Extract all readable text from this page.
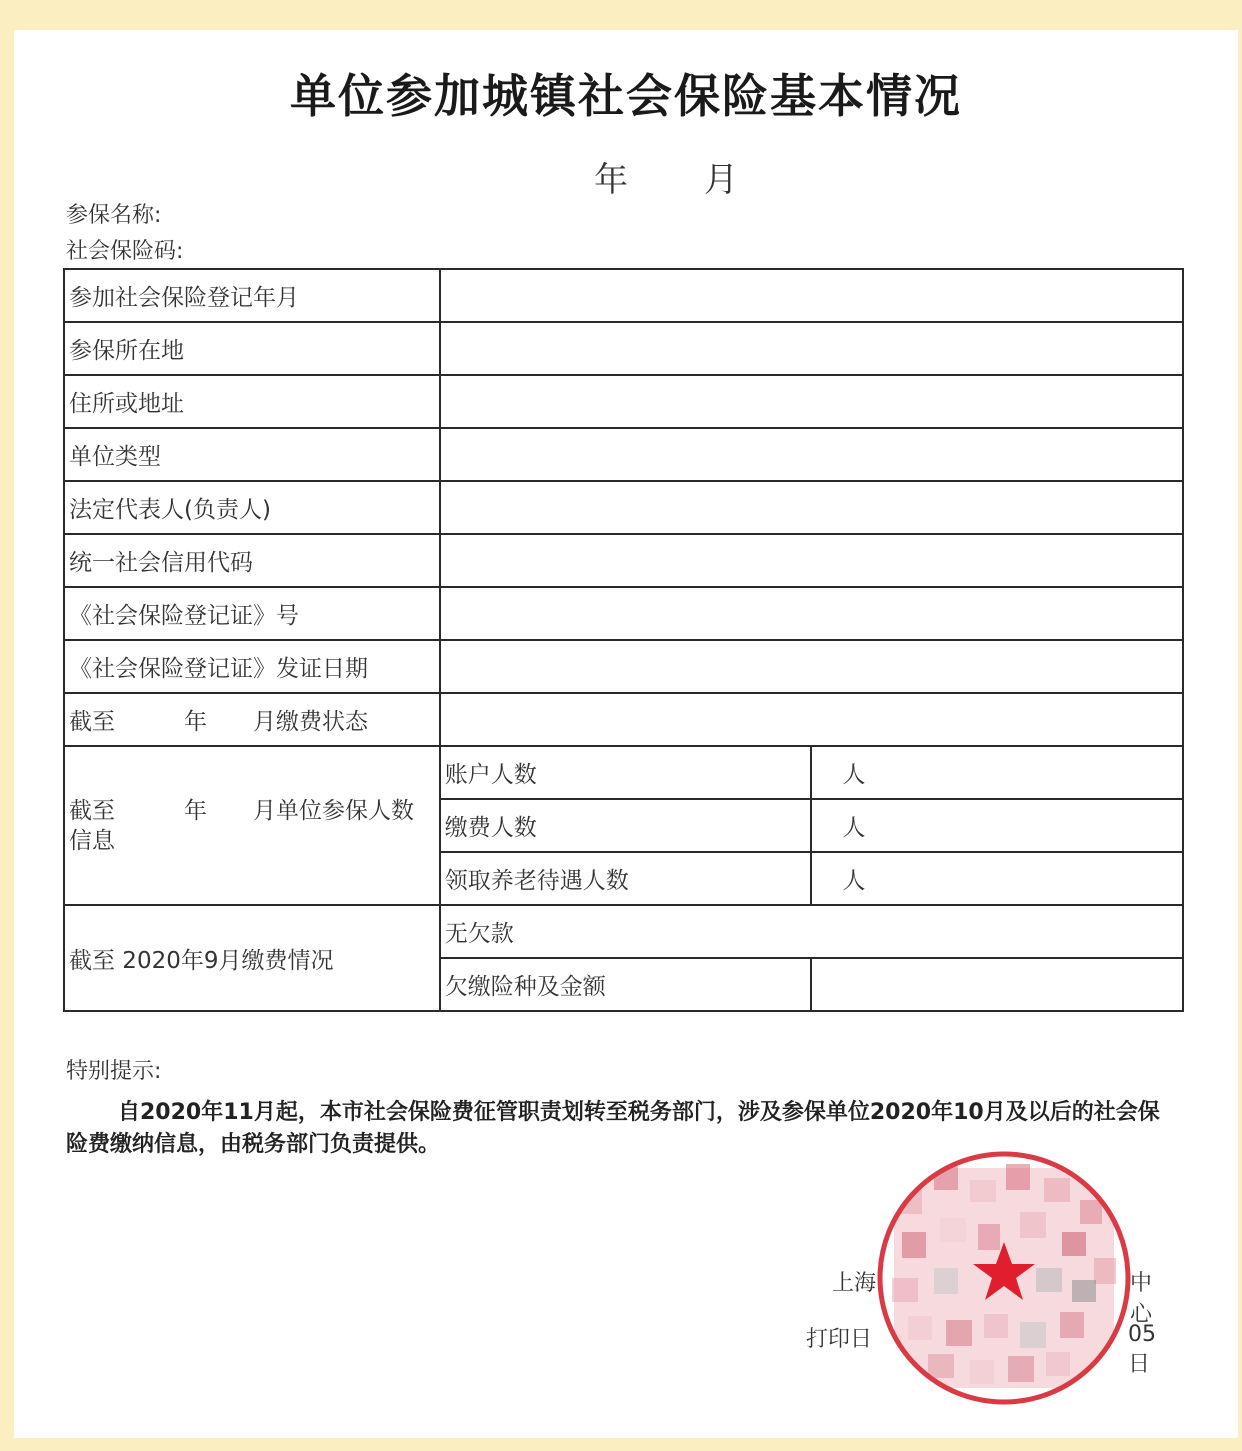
单位参加城镇社会保险基本情况
年 月
参保名称:
社会保险码:
参加社会保险登记年月		
参保所在地		
住所或地址		
单位类型		
法定代表人(负责人)		
统一社会信用代码		
《社会保险登记证》号		
《社会保险登记证》发证日期		
截至　　　年　　月缴费状态		
截至　　　年　　月单位参保人数信息	账户人数	人
	缴费人数	人
	领取养老待遇人数	人
截至 2020年9月缴费情况	无欠款	
	欠缴险种及金额	
特别提示:
自2020年11月起，本市社会保险费征管职责划转至税务部门，涉及参保单位2020年10月及以后的社会保险费缴纳信息，由税务部门负责提供。
上海	中心
打印日	05日
